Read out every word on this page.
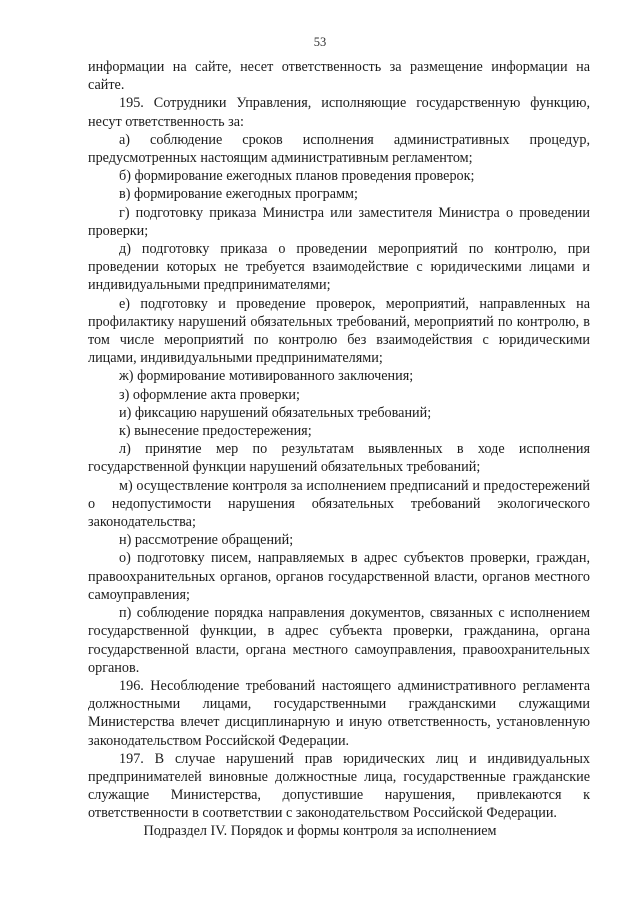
53

информации на сайте, несет ответственность за размещение информации на сайте.

195. Сотрудники Управления, исполняющие государственную функцию, несут ответственность за:

а) соблюдение сроков исполнения административных процедур, предусмотренных настоящим административным регламентом;

б) формирование ежегодных планов проведения проверок;

в) формирование ежегодных программ;

г) подготовку приказа Министра или заместителя Министра о проведении проверки;

д) подготовку приказа о проведении мероприятий по контролю, при проведении которых не требуется взаимодействие с юридическими лицами и индивидуальными предпринимателями;

е) подготовку и проведение проверок, мероприятий, направленных на профилактику нарушений обязательных требований, мероприятий по контролю, в том числе мероприятий по контролю без взаимодействия с юридическими лицами, индивидуальными предпринимателями;

ж) формирование мотивированного заключения;

з) оформление акта проверки;

и) фиксацию нарушений обязательных требований;

к) вынесение предостережения;

л) принятие мер по результатам выявленных в ходе исполнения государственной функции нарушений обязательных требований;

м) осуществление контроля за исполнением предписаний и предостережений о недопустимости нарушения обязательных требований экологического законодательства;

н) рассмотрение обращений;

о) подготовку писем, направляемых в адрес субъектов проверки, граждан, правоохранительных органов, органов государственной власти, органов местного самоуправления;

п) соблюдение порядка направления документов, связанных с исполнением государственной функции, в адрес субъекта проверки, гражданина, органа государственной власти, органа местного самоуправления, правоохранительных органов.

196. Несоблюдение требований настоящего административного регламента должностными лицами, государственными гражданскими служащими Министерства влечет дисциплинарную и иную ответственность, установленную законодательством Российской Федерации.

197. В случае нарушений прав юридических лиц и индивидуальных предпринимателей виновные должностные лица, государственные гражданские служащие Министерства, допустившие нарушения, привлекаются к ответственности в соответствии с законодательством Российской Федерации.

Подраздел IV. Порядок и формы контроля за исполнением
